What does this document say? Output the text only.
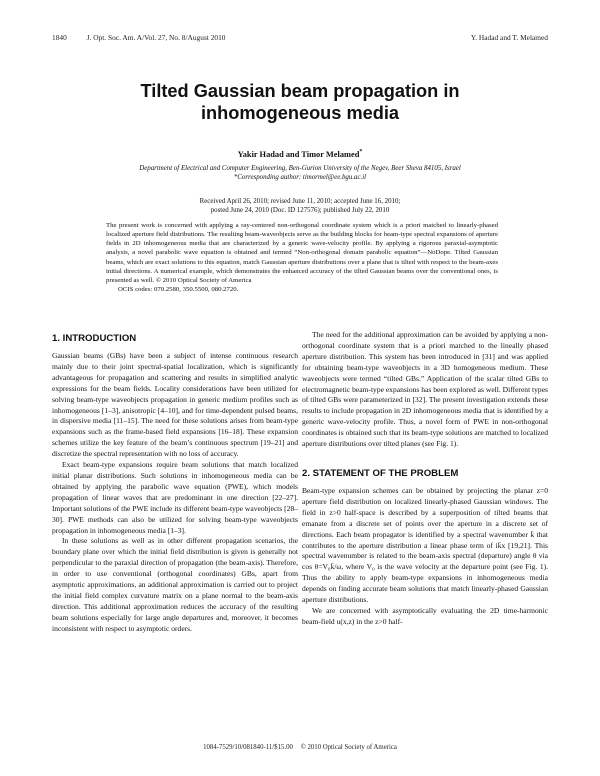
1840	J. Opt. Soc. Am. A/Vol. 27, No. 8/August 2010	Y. Hadad and T. Melamed
Tilted Gaussian beam propagation in
inhomogeneous media
Yakir Hadad and Timor Melamed*
Department of Electrical and Computer Engineering, Ben-Gurion University of the Negev, Beer Sheva 84105, Israel
*Corresponding author: timormel@ee.bgu.ac.il
Received April 26, 2010; revised June 11, 2010; accepted June 16, 2010;
posted June 24, 2010 (Doc. ID 127576); published July 22, 2010

The present work is concerned with applying a ray-centered non-orthogonal coordinate system which is a priori matched to linearly-phased localized aperture field distributions. The resulting beam-waveobjects serve as the building blocks for beam-type spectral expansions of aperture fields in 2D inhomogeneous media that are characterized by a generic wave-velocity profile. By applying a rigorous paraxial-asymptotic analysis, a novel parabolic wave equation is obtained and termed “Non-orthogonal domain parabolic equation”—NoDope. Tilted Gaussian beams, which are exact solutions to this equation, match Gaussian aperture distributions over a plane that is tilted with respect to the beam-axes initial directions. A numerical example, which demonstrates the enhanced accuracy of the tilted Gaussian beams over the conventional ones, is presented as well. © 2010 Optical Society of America

OCIS codes: 070.2580, 350.5500, 080.2720.

1. INTRODUCTION

Gaussian beams (GBs) have been a subject of intense continuous research mainly due to their joint spectral-spatial localization, which is significantly advantageous for propagation and scattering and results in simplified analytic expressions for the beam fields. Locality considerations have been utilized for solving beam-type waveobjects propagation in generic medium profiles such as inhomogeneous [1–3], anisotropic [4–10], and for time-dependent pulsed beams, in dispersive media [11–15]. The need for these solutions arises from beam-type expansions such as the frame-based field expansions [16–18]. These expansion schemes utilize the key feature of the beam’s continuous spectrum [19–21] and discretize the spectral representation with no loss of accuracy.

Exact beam-type expansions require beam solutions that match localized initial planar distributions. Such solutions in inhomogeneous media can be obtained by applying the parabolic wave equation (PWE), which models propagation of linear waves that are predominant in one direction [22–27]. Important solutions of the PWE include its different beam-type waveobjects [28–30]. PWE methods can also be utilized for solving beam-type waveobjects propagation in inhomogeneous media [1–3].

In these solutions as well as in other different propagation scenarios, the boundary plane over which the initial field distribution is given is generally not perpendicular to the paraxial direction of propagation (the beam-axis). Therefore, in order to use conventional (orthogonal coordinates) GBs, apart from asymptotic approximations, an additional approximation is carried out to project the initial field complex curvature matrix on a plane normal to the beam-axis direction. This additional approximation reduces the accuracy of the resulting beam solutions especially for large angle departures and, moreover, it becomes inconsistent with respect to asymptotic orders.

The need for the additional approximation can be avoided by applying a non-orthogonal coordinate system that is a priori matched to the lineally phased aperture distribution. This system has been introduced in [31] and was applied for obtaining beam-type waveobjects in a 3D homogeneous medium. These waveobjects were termed “tilted GBs.” Application of the scalar tilted GBs to electromagnetic beam-type expansions has been explored as well. Different types of tilted GBs were parameterized in [32]. The present investigation extends these results to include propagation in 2D inhomogeneous media that is identified by a generic wave-velocity profile. Thus, a novel form of PWE in non-orthogonal coordinates is obtained such that its beam-type solutions are matched to localized aperture distributions over tilted planes (see Fig. 1).

2. STATEMENT OF THE PROBLEM

Beam-type expansion schemes can be obtained by projecting the planar z=0 aperture field distribution on localized linearly-phased Gaussian windows. The field in z>0 half-space is described by a superposition of tilted beams that emanate from a discrete set of points over the aperture in a discrete set of directions. Each beam propagator is identified by a spectral wavenumber k̄ that contributes to the aperture distribution a linear phase term of ik̄x [19,21]. This spectral wavenumber is related to the beam-axis spectral (departure) angle θ via cos θ=V₀k̄/ω, where V₀ is the wave velocity at the departure point (see Fig. 1). Thus the ability to apply beam-type expansions in inhomogeneous media depends on finding accurate beam solutions that match linearly-phased Gaussian aperture distributions.

We are concerned with asymptotically evaluating the 2D time-harmonic beam-field u(x,z) in the z>0 half-

1084-7529/10/081840-11/$15.00 © 2010 Optical Society of America
